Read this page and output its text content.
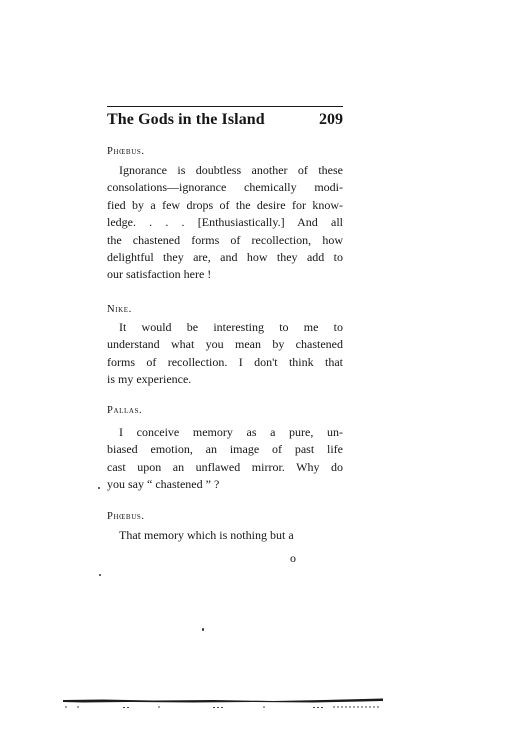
The Gods in the Island	209
Phœbus.
Ignorance is doubtless another of these
consolations—ignorance chemically modi-
fied by a few drops of the desire for know-
ledge. . . . [Enthusiastically.] And all
the chastened forms of recollection, how
delightful they are, and how they add to
our satisfaction here !
Nike.
It would be interesting to me to
understand what you mean by chastened
forms of recollection. I don't think that
is my experience.
Pallas.
I conceive memory as a pure, un-
biased emotion, an image of past life
cast upon an unflawed mirror. Why do
you say “ chastened ” ?
Phœbus.
That memory which is nothing but a
o
